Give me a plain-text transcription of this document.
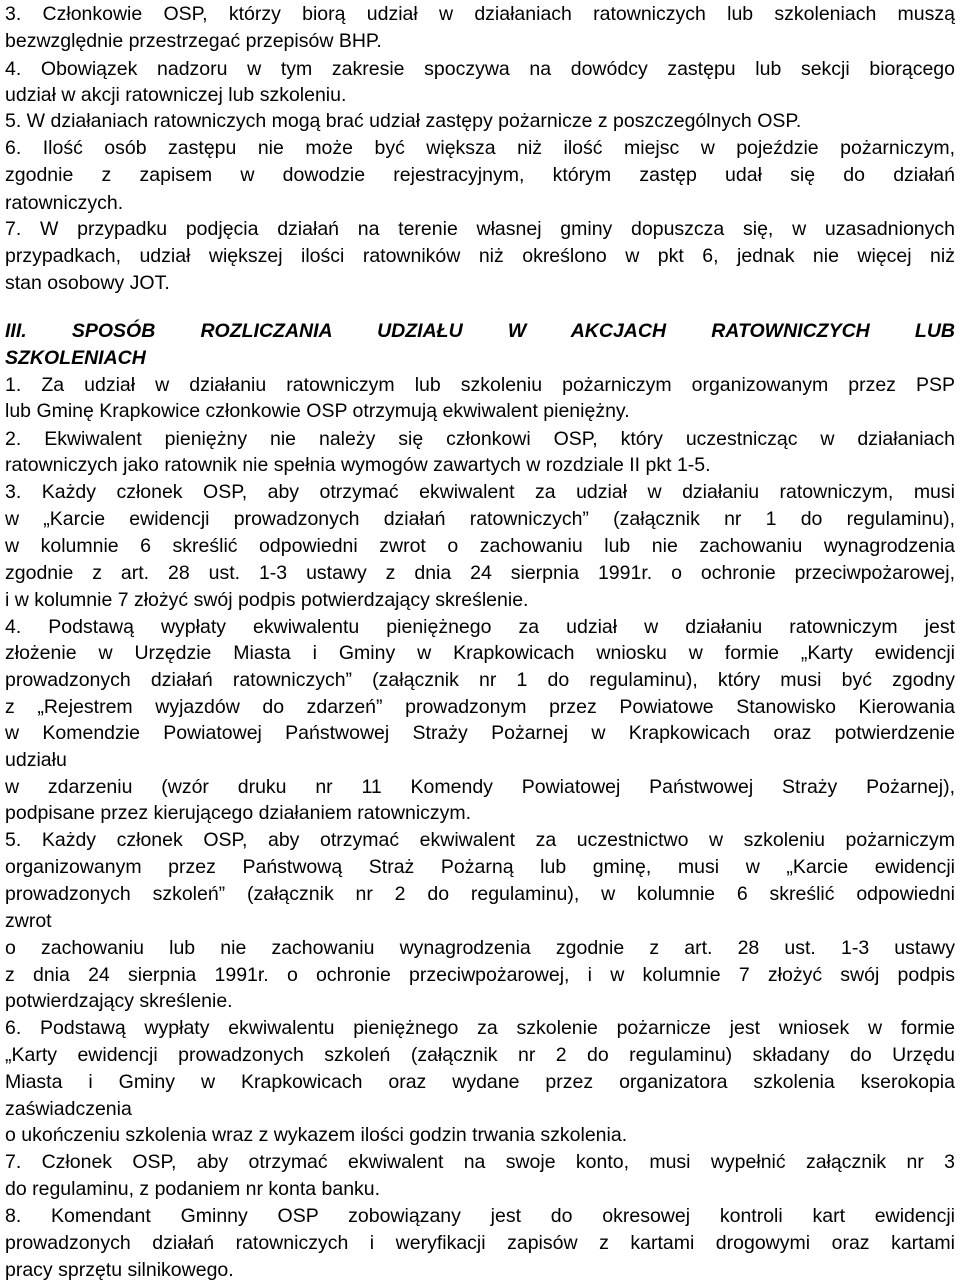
3. Członkowie OSP, którzy biorą udział w działaniach ratowniczych lub szkoleniach muszą
bezwzględnie przestrzegać przepisów BHP.
4. Obowiązek nadzoru w tym zakresie spoczywa na dowódcy zastępu lub sekcji biorącego
udział w akcji ratowniczej lub szkoleniu.
5. W działaniach ratowniczych mogą brać udział zastępy pożarnicze z poszczególnych OSP.
6. Ilość osób zastępu nie może być większa niż ilość miejsc w pojeździe pożarniczym,
zgodnie z zapisem w dowodzie rejestracyjnym, którym zastęp udał się do działań
ratowniczych.
7. W przypadku podjęcia działań na terenie własnej gminy dopuszcza się, w uzasadnionych
przypadkach, udział większej ilości ratowników niż określono w pkt 6, jednak nie więcej niż
stan osobowy JOT.
III. SPOSÓB ROZLICZANIA UDZIAŁU W AKCJACH RATOWNICZYCH LUB
SZKOLENIACH
1. Za udział w działaniu ratowniczym lub szkoleniu pożarniczym organizowanym przez PSP
lub Gminę Krapkowice członkowie OSP otrzymują ekwiwalent pieniężny.
2. Ekwiwalent pieniężny nie należy się członkowi OSP, który uczestnicząc w działaniach
ratowniczych jako ratownik nie spełnia wymogów zawartych w rozdziale II pkt 1-5.
3. Każdy członek OSP, aby otrzymać ekwiwalent za udział w działaniu ratowniczym, musi
w „Karcie ewidencji prowadzonych działań ratowniczych” (załącznik nr 1 do regulaminu),
w kolumnie 6 skreślić odpowiedni zwrot o zachowaniu lub nie zachowaniu wynagrodzenia
zgodnie z art. 28 ust. 1-3 ustawy z dnia 24 sierpnia 1991r. o ochronie przeciwpożarowej,
i w kolumnie 7 złożyć swój podpis potwierdzający skreślenie.
4. Podstawą wypłaty ekwiwalentu pieniężnego za udział w działaniu ratowniczym jest
złożenie w Urzędzie Miasta i Gminy w Krapkowicach wniosku w formie „Karty ewidencji
prowadzonych działań ratowniczych” (załącznik nr 1 do regulaminu), który musi być zgodny
z „Rejestrem wyjazdów do zdarzeń” prowadzonym przez Powiatowe Stanowisko Kierowania
w Komendzie Powiatowej Państwowej Straży Pożarnej w Krapkowicach oraz potwierdzenie
udziału
w zdarzeniu (wzór druku nr 11 Komendy Powiatowej Państwowej Straży Pożarnej),
podpisane przez kierującego działaniem ratowniczym.
5. Każdy członek OSP, aby otrzymać ekwiwalent za uczestnictwo w szkoleniu pożarniczym
organizowanym przez Państwową Straż Pożarną lub gminę, musi w „Karcie ewidencji
prowadzonych szkoleń” (załącznik nr 2 do regulaminu), w kolumnie 6 skreślić odpowiedni
zwrot
o zachowaniu lub nie zachowaniu wynagrodzenia zgodnie z art. 28 ust. 1-3 ustawy
z dnia 24 sierpnia 1991r. o ochronie przeciwpożarowej, i w kolumnie 7 złożyć swój podpis
potwierdzający skreślenie.
6. Podstawą wypłaty ekwiwalentu pieniężnego za szkolenie pożarnicze jest wniosek w formie
„Karty ewidencji prowadzonych szkoleń (załącznik nr 2 do regulaminu) składany do Urzędu
Miasta i Gminy w Krapkowicach oraz wydane przez organizatora szkolenia kserokopia
zaświadczenia
o ukończeniu szkolenia wraz z wykazem ilości godzin trwania szkolenia.
7. Członek OSP, aby otrzymać ekwiwalent na swoje konto, musi wypełnić załącznik nr 3
do regulaminu, z podaniem nr konta banku.
8. Komendant Gminny OSP zobowiązany jest do okresowej kontroli kart ewidencji
prowadzonych działań ratowniczych i weryfikacji zapisów z kartami drogowymi oraz kartami
pracy sprzętu silnikowego.
